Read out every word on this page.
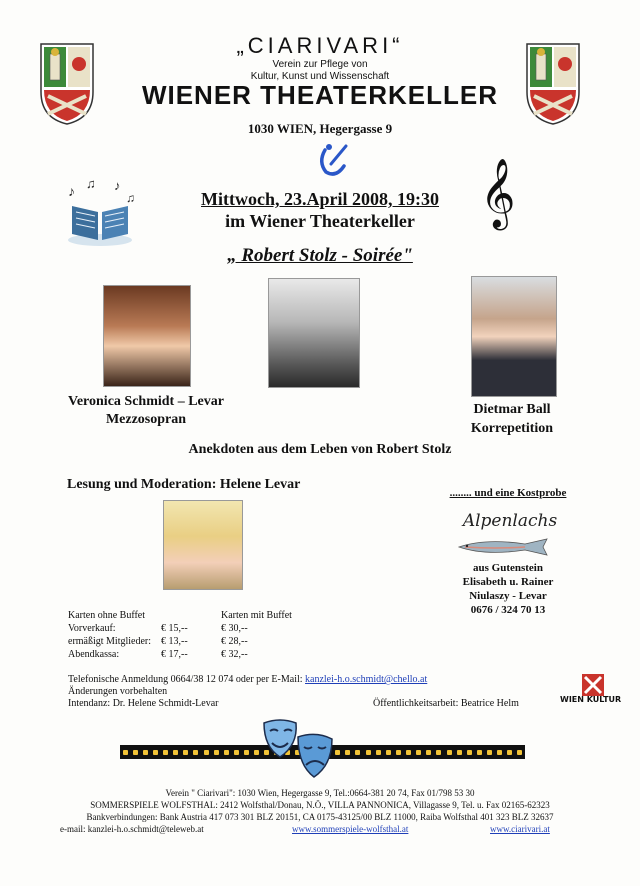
„CIARIVARI“
Verein zur Pflege von
Kultur, Kunst und Wissenschaft
WIENER THEATERKELLER
1030 WIEN, Hegergasse 9
♪
♫ ♪
♫	𝄞
Mittwoch, 23.April 2008, 19:30
im Wiener Theaterkeller
„ Robert Stolz - Soirée"
Veronica Schmidt – Levar
Mezzosopran
Dietmar Ball
Korrepetition
Anekdoten aus dem Leben von Robert Stolz
Lesung und Moderation: Helene Levar
........ und eine Kostprobe
Alpenlachs
aus Gutenstein
Elisabeth u. Rainer
Niulaszy - Levar
0676 / 324 70 13
Karten ohne Buffet		Karten mit Buffet
Vorverkauf:	€ 15,--	€ 30,--
ermäßigt Mitglieder:	€ 13,--	€ 28,--
Abendkassa:	€ 17,--	€ 32,--
Telefonische Anmeldung 0664/38 12 074 oder per E-Mail: kanzlei-h.o.schmidt@chello.at
Änderungen vorbehalten
Intendanz: Dr. Helene Schmidt-Levar	Öffentlichkeitsarbeit: Beatrice Helm	WIEN KULTUR
Verein " Ciarivari": 1030 Wien, Hegergasse 9, Tel.:0664-381 20 74, Fax 01/798 53 30
SOMMERSPIELE WOLFSTHAL: 2412 Wolfsthal/Donau, N.Ö., VILLA PANNONICA, Villagasse 9, Tel. u. Fax 02165-62323
Bankverbindungen: Bank Austria 417 073 301 BLZ 20151, CA 0175-43125/00 BLZ 11000, Raiba Wolfsthal 401 323 BLZ 32637
e-mail: kanzlei-h.o.schmidt@teleweb.at	www.sommerspiele-wolfsthal.at	www.ciarivari.at
